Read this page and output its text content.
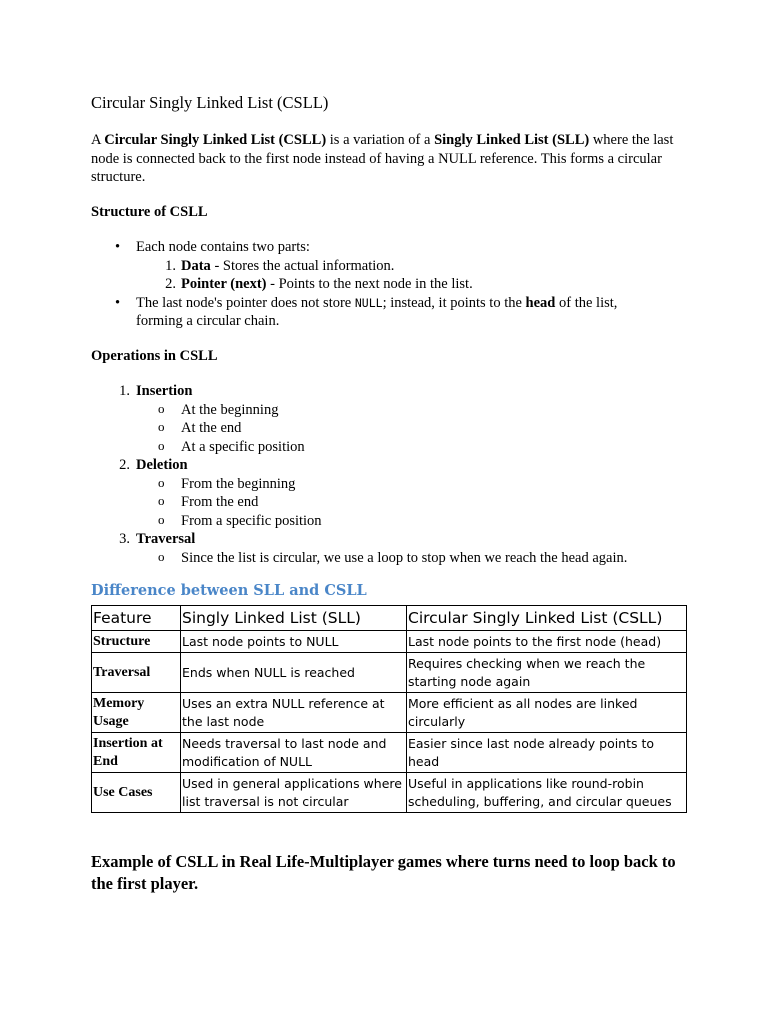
Circular Singly Linked List (CSLL)

A Circular Singly Linked List (CSLL) is a variation of a Singly Linked List (SLL) where the last node is connected back to the first node instead of having a NULL reference. This forms a circular structure.

Structure of CSLL
• Each node contains two parts:
1. Data - Stores the actual information.
2. Pointer (next) - Points to the next node in the list.
• The last node's pointer does not store NULL; instead, it points to the head of the list, forming a circular chain.
Operations in CSLL
1. Insertion
o At the beginning
o At the end
o At a specific position
2. Deletion
o From the beginning
o From the end
o From a specific position
3. Traversal
o Since the list is circular, we use a loop to stop when we reach the head again.
Difference between SLL and CSLL
Feature	Singly Linked List (SLL)	Circular Singly Linked List (CSLL)
Structure	Last node points to NULL	Last node points to the first node (head)
Traversal	Ends when NULL is reached	Requires checking when we reach the starting node again
Memory Usage	Uses an extra NULL reference at the last node	More efficient as all nodes are linked circularly
Insertion at End	Needs traversal to last node and modification of NULL	Easier since last node already points to head
Use Cases	Used in general applications where list traversal is not circular	Useful in applications like round-robin scheduling, buffering, and circular queues

Example of CSLL in Real Life-Multiplayer games where turns need to loop back to the first player.
